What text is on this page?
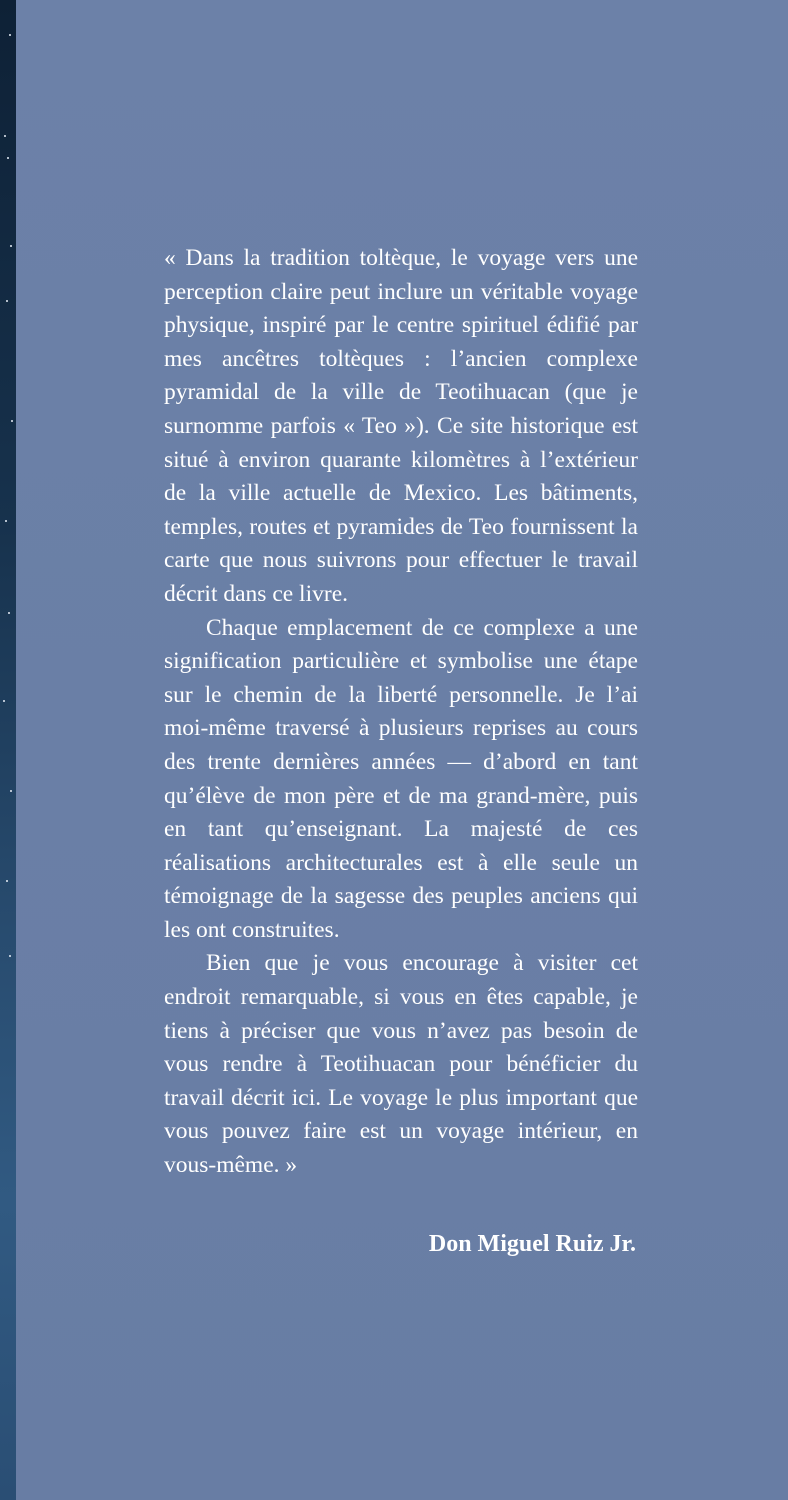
« Dans la tradition toltèque, le voyage vers une perception claire peut inclure un véritable voyage physique, inspiré par le centre spirituel édifié par mes ancêtres toltèques : l’ancien complexe pyramidal de la ville de Teotihuacan (que je surnomme parfois « Teo »). Ce site historique est situé à environ quarante kilomètres à l’extérieur de la ville actuelle de Mexico. Les bâtiments, temples, routes et pyramides de Teo fournissent la carte que nous suivrons pour effectuer le travail décrit dans ce livre.

Chaque emplacement de ce complexe a une signification particulière et symbolise une étape sur le chemin de la liberté personnelle. Je l’ai moi-même traversé à plusieurs reprises au cours des trente dernières années — d’abord en tant qu’élève de mon père et de ma grand-mère, puis en tant qu’enseignant. La majesté de ces réalisations architecturales est à elle seule un témoignage de la sagesse des peuples anciens qui les ont construites.

Bien que je vous encourage à visiter cet endroit remarquable, si vous en êtes capable, je tiens à préciser que vous n’avez pas besoin de vous rendre à Teotihuacan pour bénéficier du travail décrit ici. Le voyage le plus important que vous pouvez faire est un voyage intérieur, en vous-même. »

Don Miguel Ruiz Jr.
